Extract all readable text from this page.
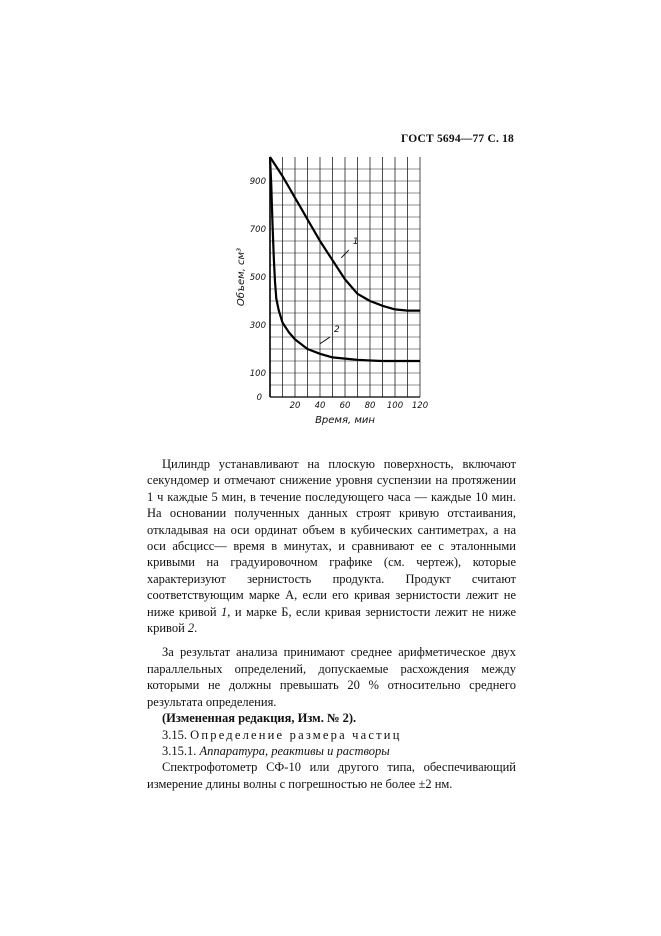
ГОСТ 5694—77 С. 18
1
2
900
700
500
300
100
20 40 60 80 100 120
0
Объем, см³
Время, мин

Цилиндр устанавливают на плоскую поверхность, включают секундомер и отмечают снижение уровня суспензии на протяжении 1 ч каждые 5 мин, в течение последующего часа — каждые 10 мин. На основании полученных данных строят кривую отстаивания, откладывая на оси ординат объем в кубических сантиметрах, а на оси абсцисс— время в минутах, и сравнивают ее с эталонными кривыми на градуировочном графике (см. чертеж), которые характеризуют зернистость продукта. Продукт считают соответствующим марке А, если его кривая зернистости лежит не ниже кривой 1, и марке Б, если кривая зернистости лежит не ниже кривой 2.

За результат анализа принимают среднее арифметическое двух параллельных определений, допускаемые расхождения между которыми не должны превышать 20 % относительно среднего результата определения.

(Измененная редакция, Изм. № 2).

3.15. Определение размера частиц

3.15.1. Аппаратура, реактивы и растворы

Спектрофотометр СФ-10 или другого типа, обеспечивающий измерение длины волны с погрешностью не более ±2 нм.
